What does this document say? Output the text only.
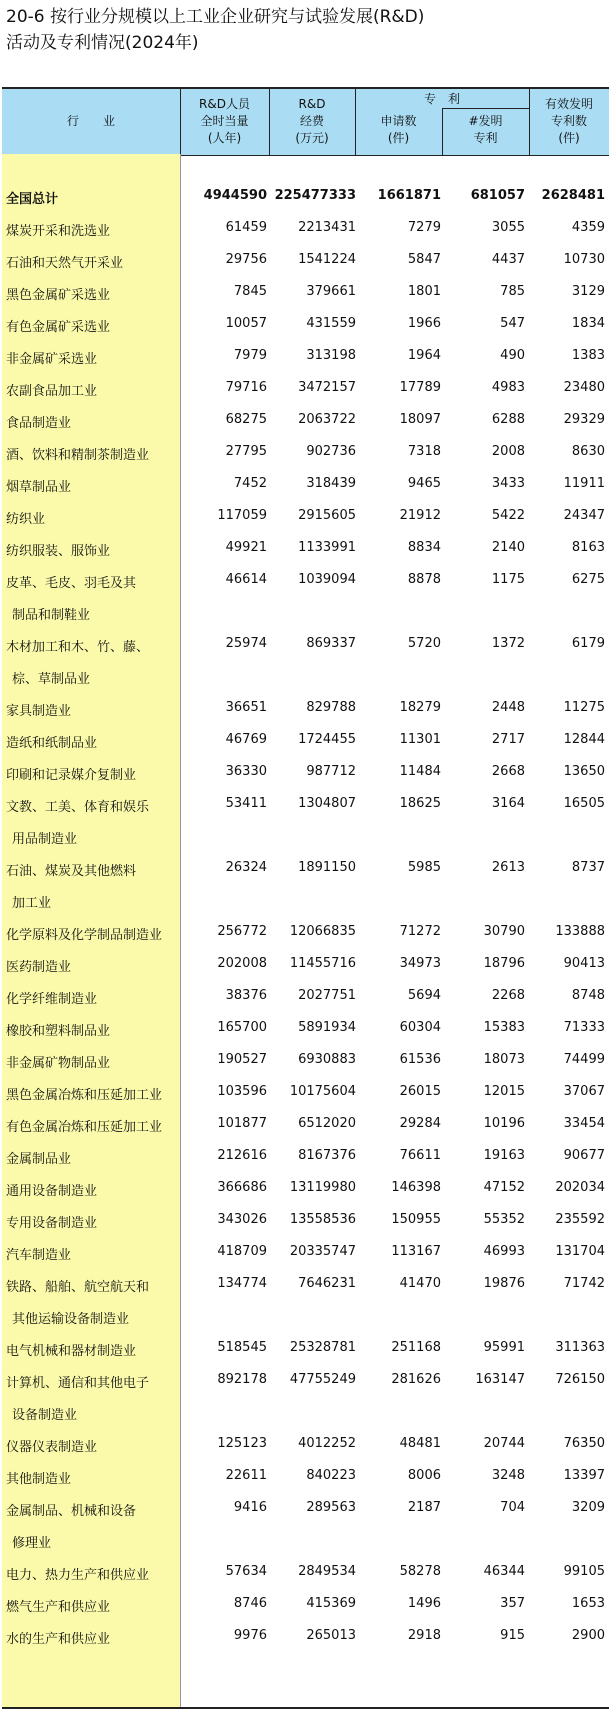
20-6 按行业分规模以上工业企业研究与试验发展(R&D)
活动及专利情况(2024年)
行　　业
R&D人员
全时当量
(人年)
R&D
经费
(万元)
专　利
申请数
(件)
#发明
专利
有效发明
专利数
(件)
全国总计	4944590 225477333 1661871 681057	2628481
煤炭开采和洗选业	61459 2213431	7279	3055	4359
石油和天然气开采业	29756 1541224	5847	4437	10730
黑色金属矿采选业	7845	379661	1801	785	3129
有色金属矿采选业	10057	431559	1966	547	1834
非金属矿采选业	7979	313198	1964	490	1383
农副食品加工业	79716 3472157	17789	4983	23480
食品制造业	68275 2063722	18097	6288	29329
酒、饮料和精制茶制造业	27795	902736	7318	2008	8630
烟草制品业	7452	318439	9465	3433	11911
纺织业	117059 2915605	21912	5422	24347
纺织服装、服饰业	49921 1133991	8834	2140	8163
皮革、毛皮、羽毛及其
制品和制鞋业
46614 1039094	8878	1175	6275
木材加工和木、竹、藤、
棕、草制品业
25974	869337	5720	1372	6179
家具制造业	36651	829788	18279	2448	11275
造纸和纸制品业	46769 1724455	11301	2717	12844
印刷和记录媒介复制业	36330	987712	11484	2668	13650
文教、工美、体育和娱乐
用品制造业
53411 1304807	18625	3164	16505
石油、煤炭及其他燃料
加工业
26324 1891150	5985	2613	8737
化学原料及化学制品制造业	256772 12066835	71272	30790	133888
医药制造业	202008 11455716	34973	18796	90413
化学纤维制造业	38376 2027751	5694	2268	8748
橡胶和塑料制品业	165700 5891934	60304	15383	71333
非金属矿物制品业	190527 6930883	61536	18073	74499
黑色金属冶炼和压延加工业	103596 10175604	26015	12015	37067
有色金属冶炼和压延加工业	101877 6512020	29284	10196	33454
金属制品业	212616 8167376	76611	19163	90677
通用设备制造业	366686 13119980	146398	47152	202034
专用设备制造业	343026 13558536	150955	55352	235592
汽车制造业	418709 20335747	113167	46993	131704
铁路、船舶、航空航天和
其他运输设备制造业
134774 7646231	41470	19876	71742
电气机械和器材制造业	518545 25328781	251168	95991	311363
计算机、通信和其他电子
设备制造业
892178 47755249	281626	163147	726150
仪器仪表制造业	125123 4012252	48481	20744	76350
其他制造业	22611	840223	8006	3248	13397
金属制品、机械和设备
修理业
9416	289563	2187	704	3209
电力、热力生产和供应业	57634 2849534	58278	46344	99105
燃气生产和供应业	8746	415369	1496	357	1653
水的生产和供应业	9976	265013	2918	915	2900
